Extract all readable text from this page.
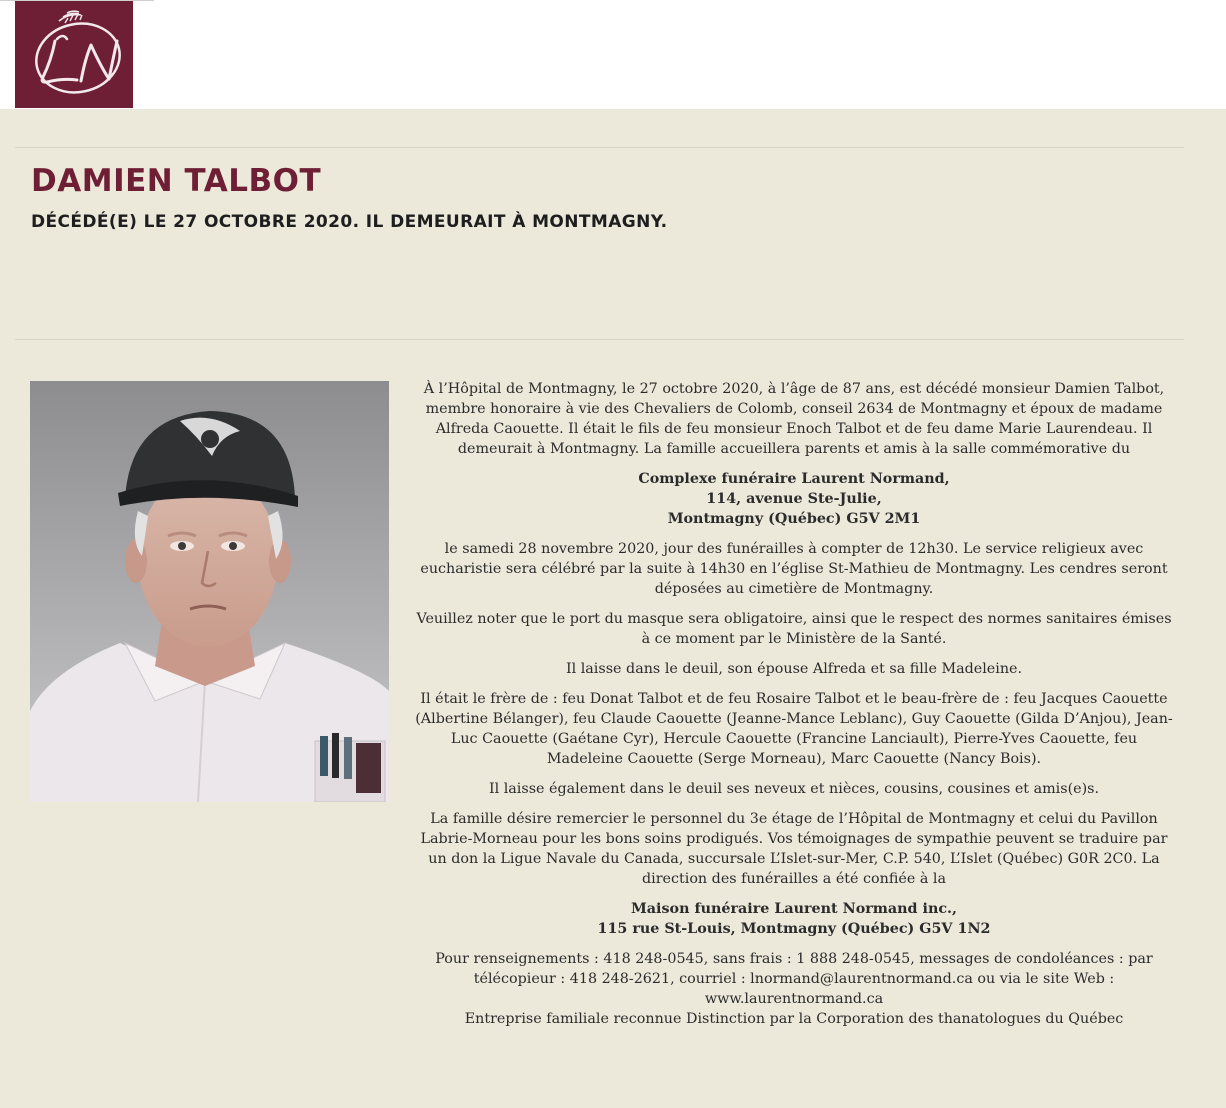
LN
DAMIEN TALBOT
DÉCÉDÉ(E) LE 27 OCTOBRE 2020. IL DEMEURAIT À MONTMAGNY.

À l’Hôpital de Montmagny, le 27 octobre 2020, à l’âge de 87 ans, est décédé monsieur Damien Talbot, membre honoraire à vie des Chevaliers de Colomb, conseil 2634 de Montmagny et époux de madame Alfreda Caouette. Il était le fils de feu monsieur Enoch Talbot et de feu dame Marie Laurendeau. Il demeurait à Montmagny. La famille accueillera parents et amis à la salle commémorative du

Complexe funéraire Laurent Normand,
114, avenue Ste-Julie,
Montmagny (Québec) G5V 2M1

le samedi 28 novembre 2020, jour des funérailles à compter de 12h30. Le service religieux avec eucharistie sera célébré par la suite à 14h30 en l’église St-Mathieu de Montmagny. Les cendres seront déposées au cimetière de Montmagny.

Veuillez noter que le port du masque sera obligatoire, ainsi que le respect des normes sanitaires émises à ce moment par le Ministère de la Santé.

Il laisse dans le deuil, son épouse Alfreda et sa fille Madeleine.

Il était le frère de : feu Donat Talbot et de feu Rosaire Talbot et le beau-frère de : feu Jacques Caouette (Albertine Bélanger), feu Claude Caouette (Jeanne-Mance Leblanc), Guy Caouette (Gilda D’Anjou), Jean-Luc Caouette (Gaétane Cyr), Hercule Caouette (Francine Lanciault), Pierre-Yves Caouette, feu Madeleine Caouette (Serge Morneau), Marc Caouette (Nancy Bois).

Il laisse également dans le deuil ses neveux et nièces, cousins, cousines et amis(e)s.

La famille désire remercier le personnel du 3e étage de l’Hôpital de Montmagny et celui du Pavillon Labrie-Morneau pour les bons soins prodigués. Vos témoignages de sympathie peuvent se traduire par un don la Ligue Navale du Canada, succursale L’Islet-sur-Mer, C.P. 540, L’Islet (Québec) G0R 2C0. La direction des funérailles a été confiée à la

Maison funéraire Laurent Normand inc.,
115 rue St-Louis, Montmagny (Québec) G5V 1N2

Pour renseignements : 418 248-0545, sans frais : 1 888 248-0545, messages de condoléances : par télécopieur : 418 248-2621, courriel : lnormand@laurentnormand.ca ou via le site Web :
www.laurentnormand.ca
Entreprise familiale reconnue Distinction par la Corporation des thanatologues du Québec
